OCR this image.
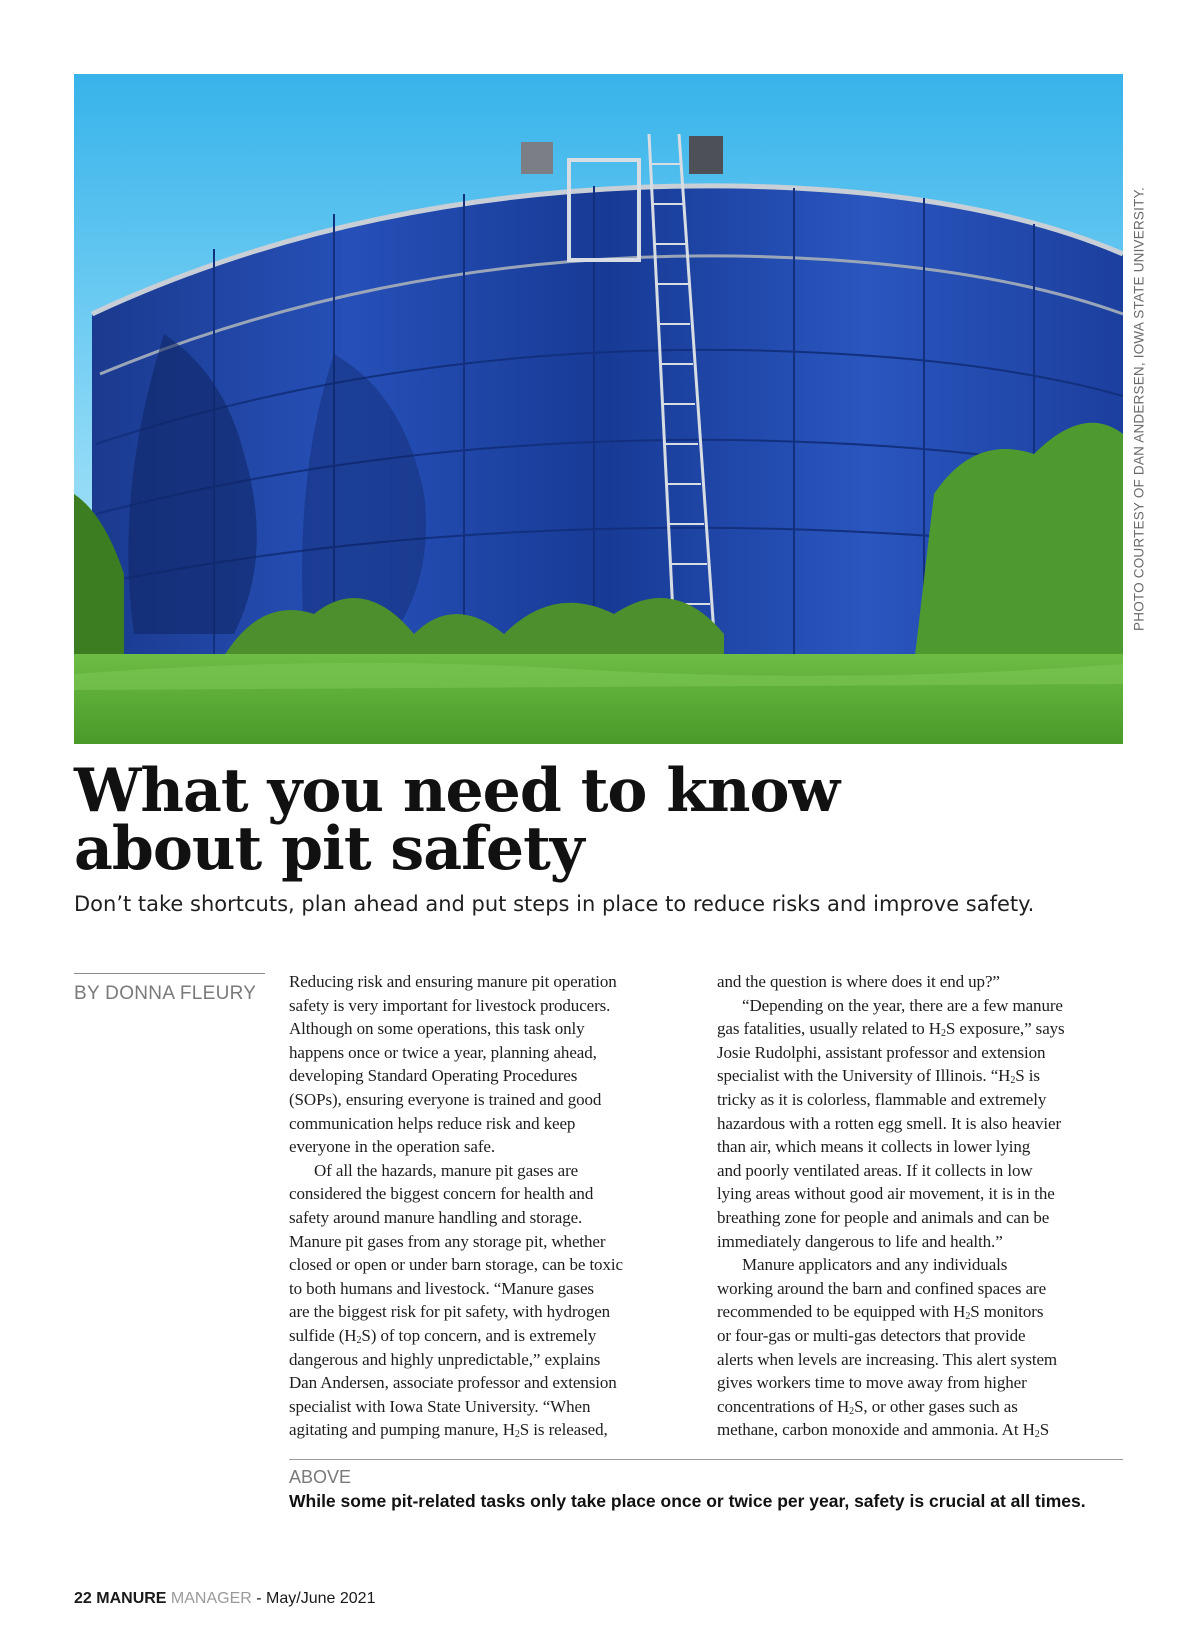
PHOTO COURTESY OF DAN ANDERSEN, IOWA STATE UNIVERSITY.
What you need to know
about pit safety
Don’t take shortcuts, plan ahead and put steps in place to reduce risks and improve safety.
BY DONNA FLEURY
Reducing risk and ensuring manure pit operation
safety is very important for livestock producers.
Although on some operations, this task only
happens once or twice a year, planning ahead,
developing Standard Operating Procedures
(SOPs), ensuring everyone is trained and good
communication helps reduce risk and keep
everyone in the operation safe.
Of all the hazards, manure pit gases are
considered the biggest concern for health and
safety around manure handling and storage.
Manure pit gases from any storage pit, whether
closed or open or under barn storage, can be toxic
to both humans and livestock. “Manure gases
are the biggest risk for pit safety, with hydrogen
sulfide $(H_2S)$ of top concern, and is extremely
dangerous and highly unpredictable,” explains
Dan Andersen, associate professor and extension
specialist with Iowa State University. “When
agitating and pumping manure, $H_2S$ is released,
and the question is where does it end up?”
“Depending on the year, there are a few manure
gas fatalities, usually related to $H_2S$ exposure,” says
Josie Rudolphi, assistant professor and extension
specialist with the University of Illinois. “$H_2S$ is
tricky as it is colorless, flammable and extremely
hazardous with a rotten egg smell. It is also heavier
than air, which means it collects in lower lying
and poorly ventilated areas. If it collects in low
lying areas without good air movement, it is in the
breathing zone for people and animals and can be
immediately dangerous to life and health.”
Manure applicators and any individuals
working around the barn and confined spaces are
recommended to be equipped with $H_2S$ monitors
or four-gas or multi-gas detectors that provide
alerts when levels are increasing. This alert system
gives workers time to move away from higher
concentrations of $H_2S$, or other gases such as
methane, carbon monoxide and ammonia. At $H_2S$
ABOVE
While some pit-related tasks only take place once or twice per year, safety is crucial at all times.
22 MANURE MANAGER - May/June 2021
